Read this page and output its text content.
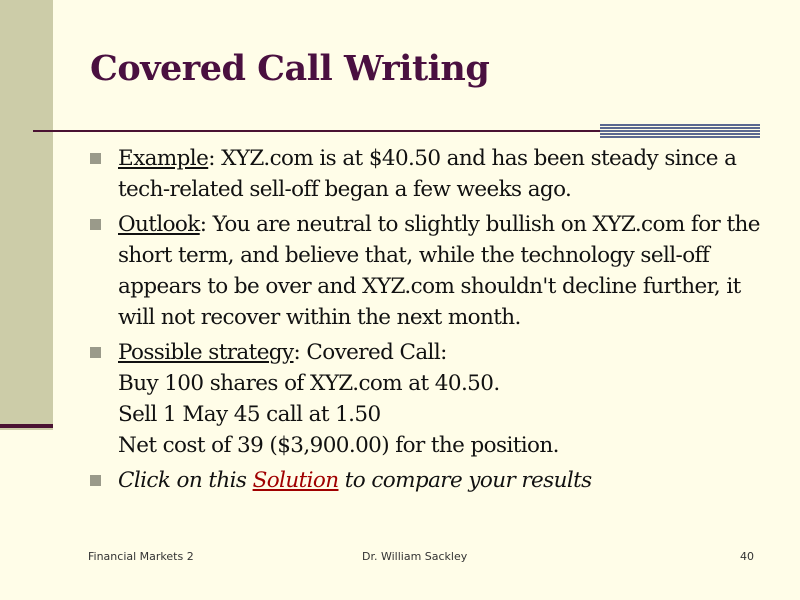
Covered Call Writing
Example: XYZ.com is at $40.50 and has been steady since a tech-related sell-off began a few weeks ago.
Outlook: You are neutral to slightly bullish on XYZ.com for the short term, and believe that, while the technology sell-off appears to be over and XYZ.com shouldn't decline further, it will not recover within the next month.
Possible strategy: Covered Call:
Buy 100 shares of XYZ.com at 40.50.
Sell 1 May 45 call at 1.50
Net cost of 39 ($3,900.00) for the position.
Click on this Solution to compare your results
Financial Markets 2	Dr. William Sackley	40
